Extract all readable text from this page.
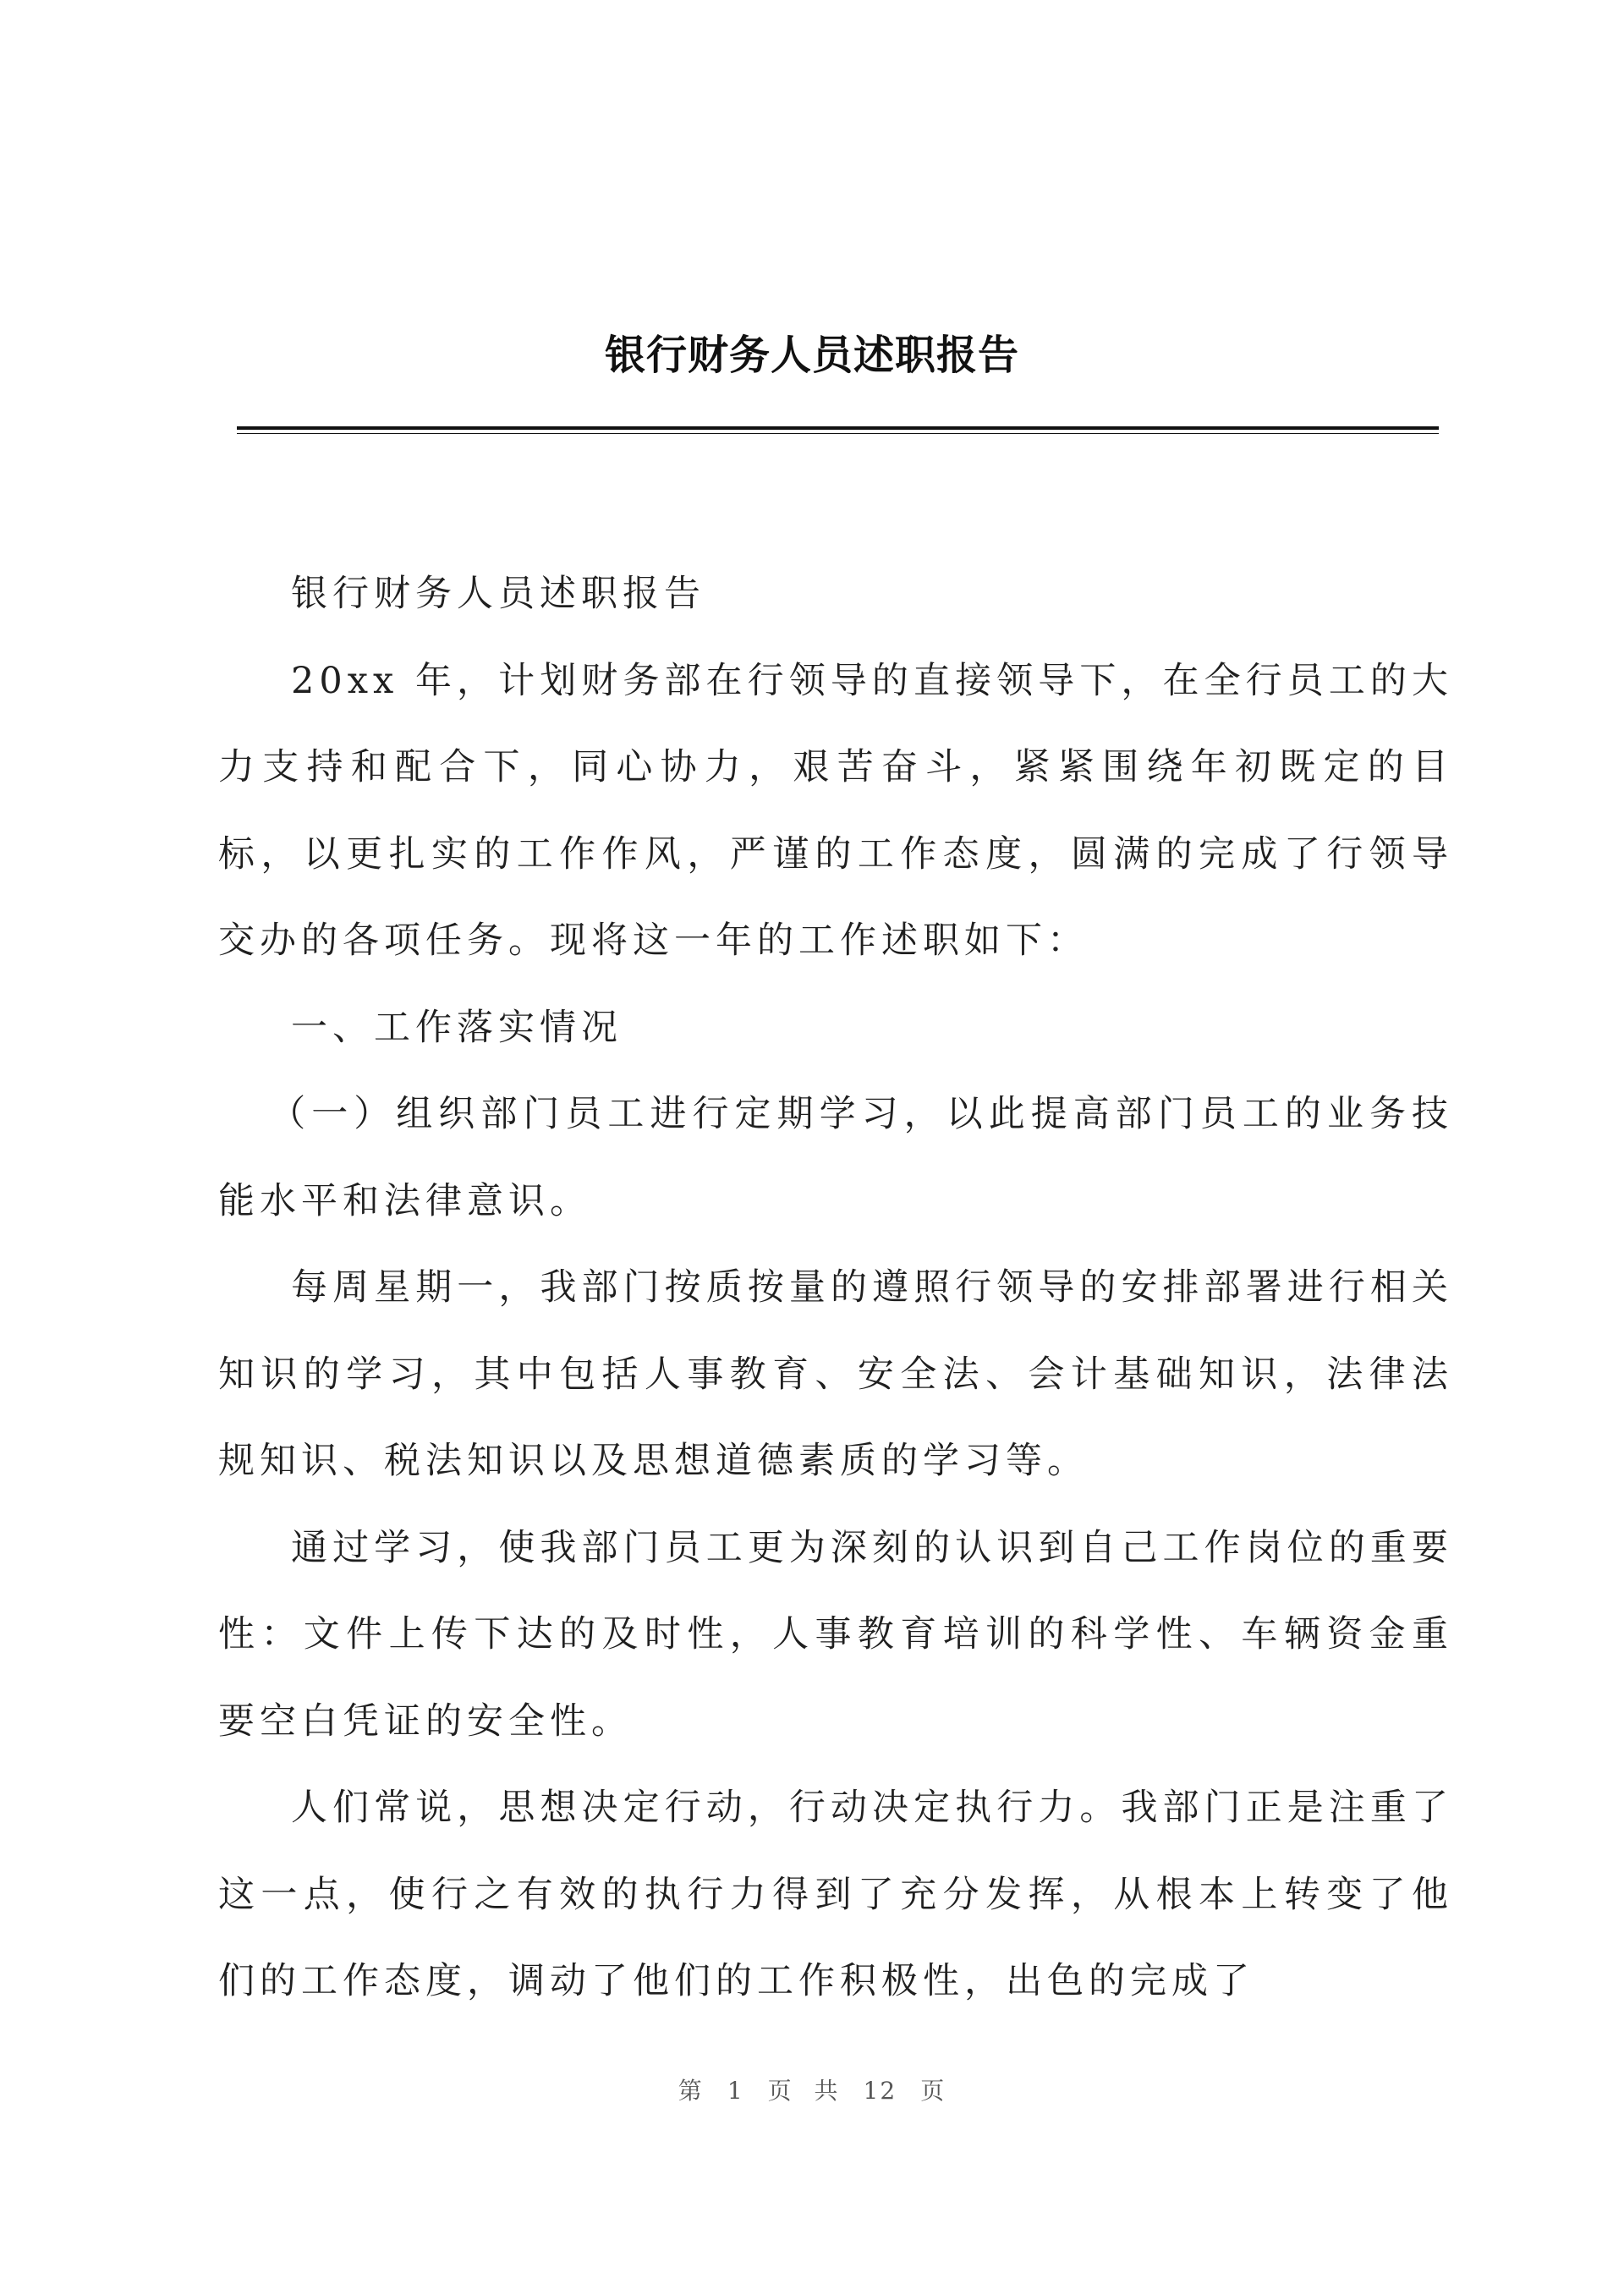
银行财务人员述职报告

银行财务人员述职报告

20xx 年，计划财务部在行领导的直接领导下，在全行员工的大力支持和配合下，同心协力，艰苦奋斗，紧紧围绕年初既定的目标，以更扎实的工作作风，严谨的工作态度，圆满的完成了行领导交办的各项任务。现将这一年的工作述职如下：

一、工作落实情况

（一）组织部门员工进行定期学习，以此提高部门员工的业务技能水平和法律意识。

每周星期一，我部门按质按量的遵照行领导的安排部署进行相关知识的学习，其中包括人事教育、安全法、会计基础知识，法律法规知识、税法知识以及思想道德素质的学习等。

通过学习，使我部门员工更为深刻的认识到自己工作岗位的重要性：文件上传下达的及时性，人事教育培训的科学性、车辆资金重要空白凭证的安全性。

人们常说，思想决定行动，行动决定执行力。我部门正是注重了这一点，使行之有效的执行力得到了充分发挥，从根本上转变了他们的工作态度，调动了他们的工作积极性，出色的完成了

第 1 页 共 12 页
